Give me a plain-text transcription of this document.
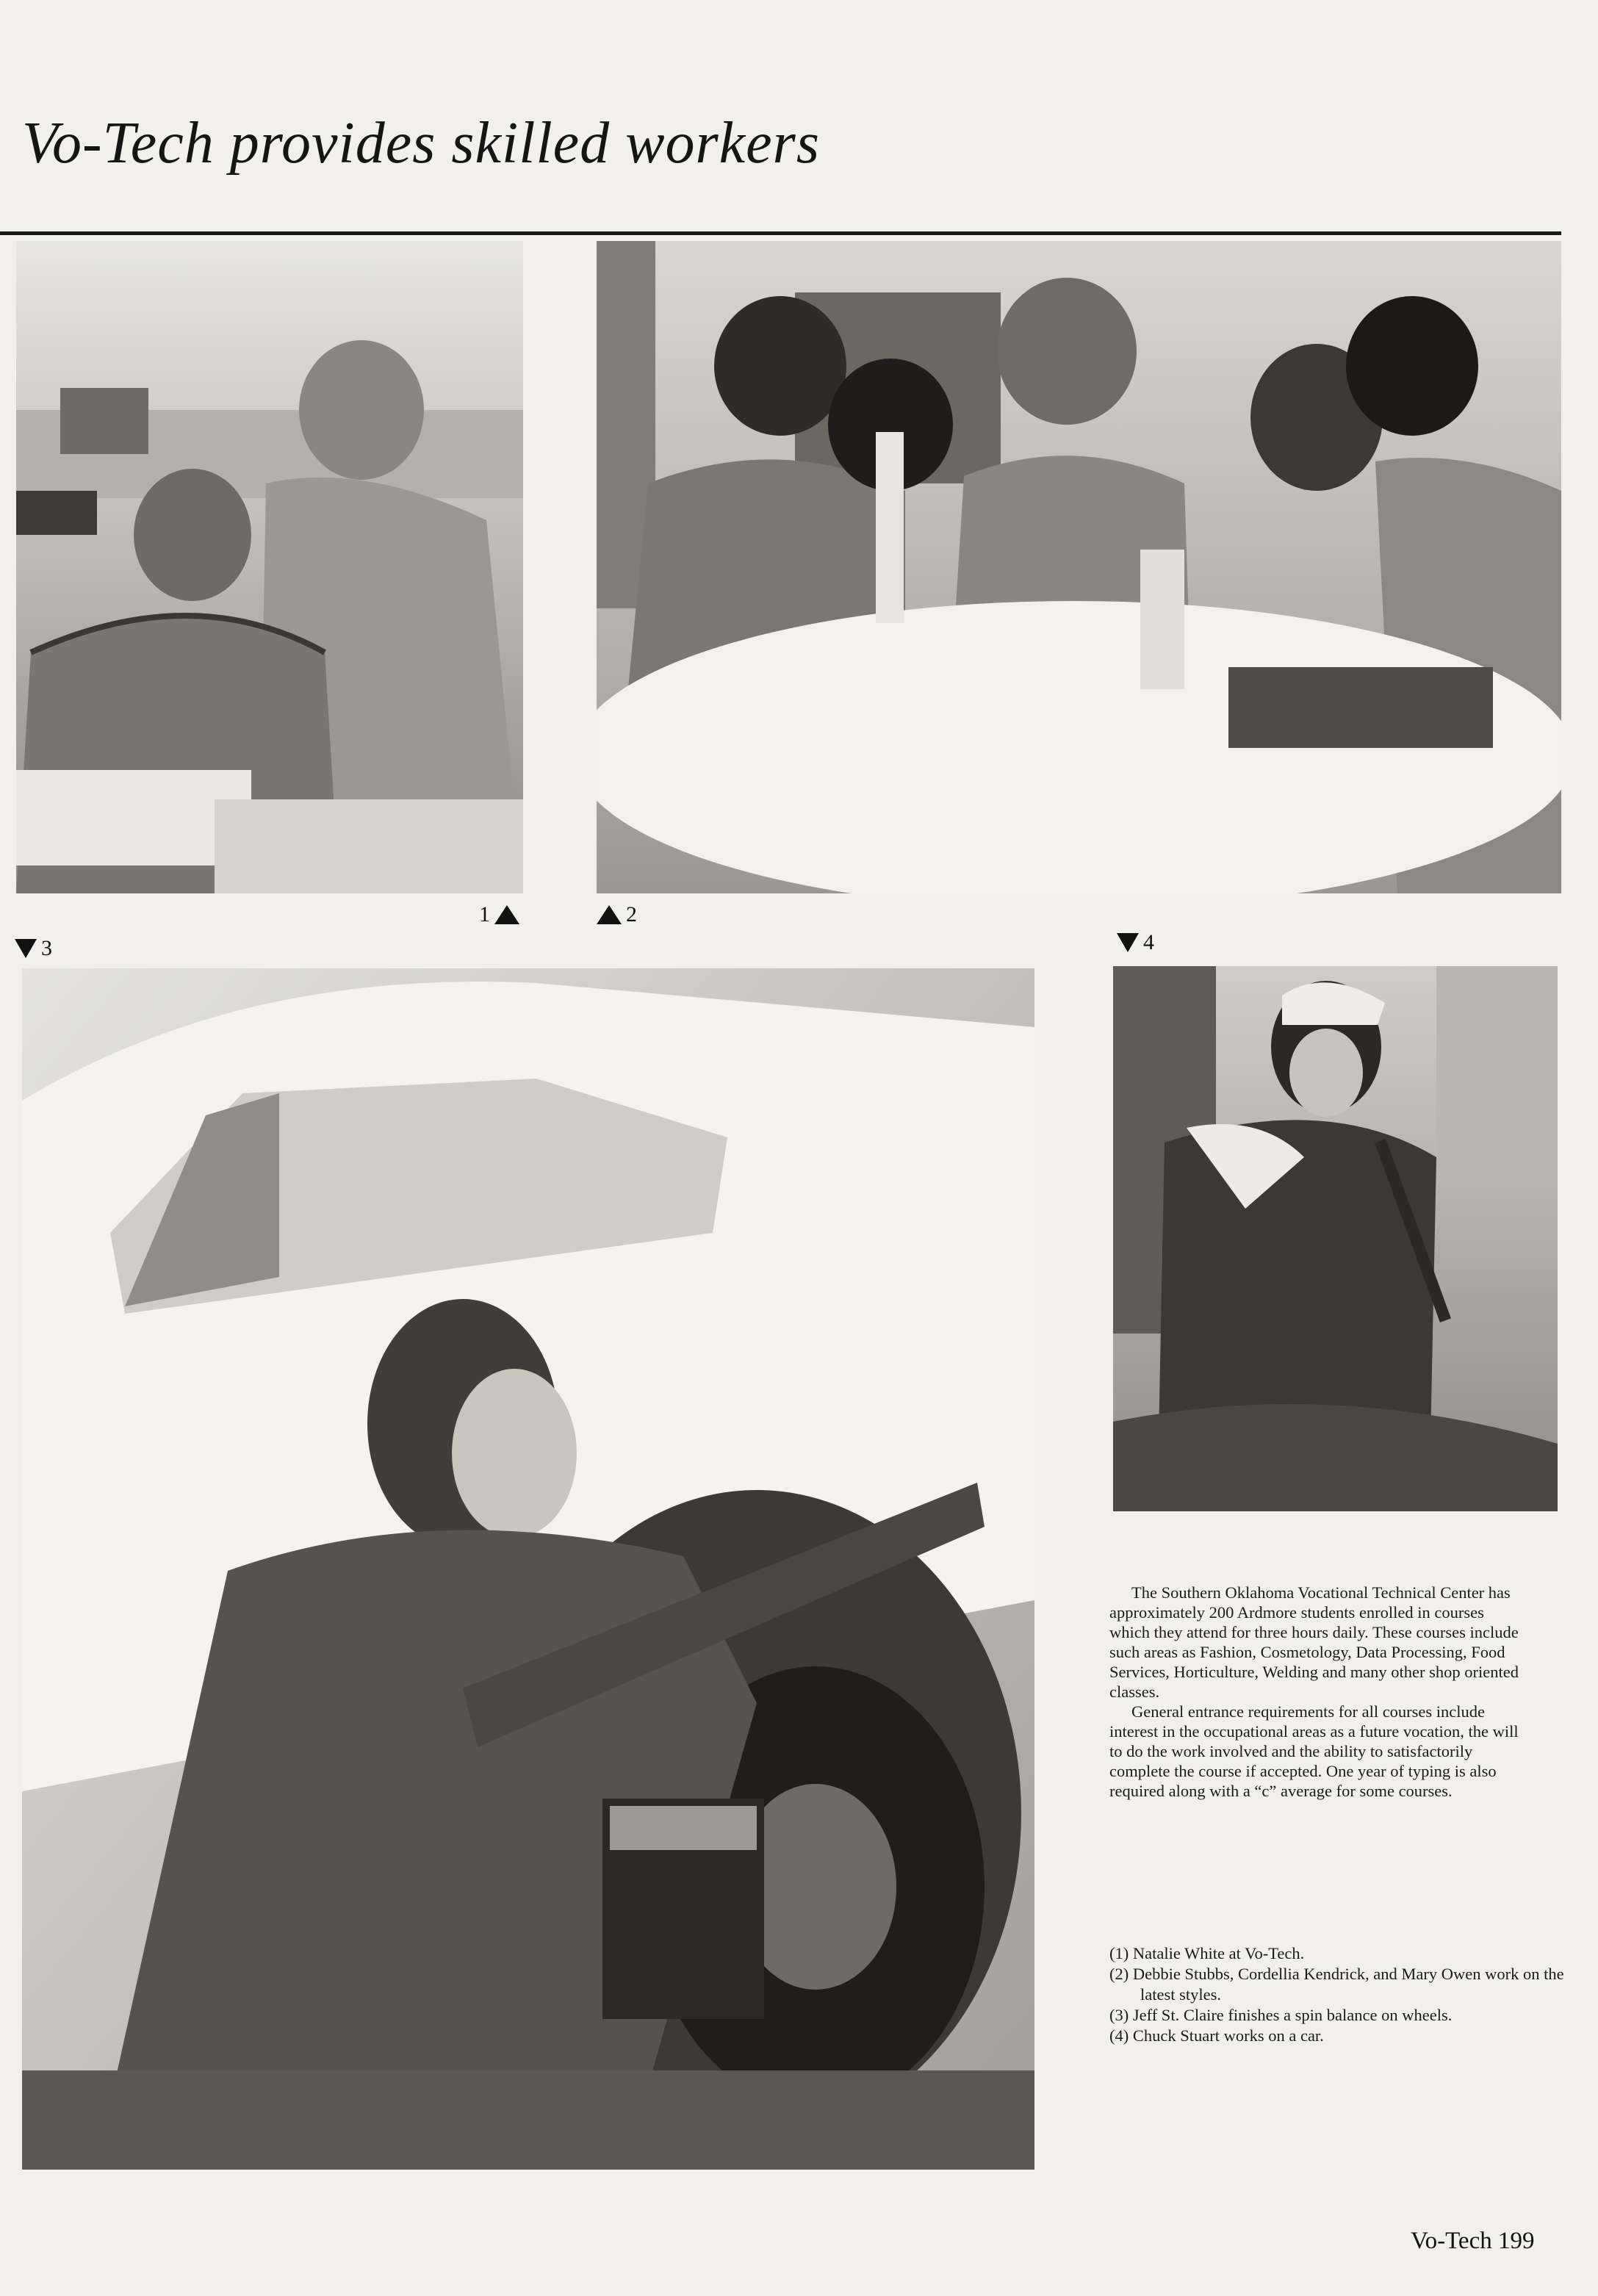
Vo-Tech provides skilled workers
1	2
3	4

The Southern Oklahoma Vocational Technical Center has approximately 200 Ardmore students enrolled in courses which they attend for three hours daily. These courses include such areas as Fashion, Cosmetology, Data Processing, Food Services, Horticulture, Welding and many other shop oriented classes.

General entrance requirements for all courses include interest in the occupational areas as a future vocation, the will to do the work involved and the ability to satisfactorily complete the course if accepted. One year of typing is also required along with a “c” average for some courses.

(1) Natalie White at Vo-Tech.
(2) Debbie Stubbs, Cordellia Kendrick, and Mary Owen work on the latest styles.
(3) Jeff St. Claire finishes a spin balance on wheels.
(4) Chuck Stuart works on a car.
Vo-Tech 199
